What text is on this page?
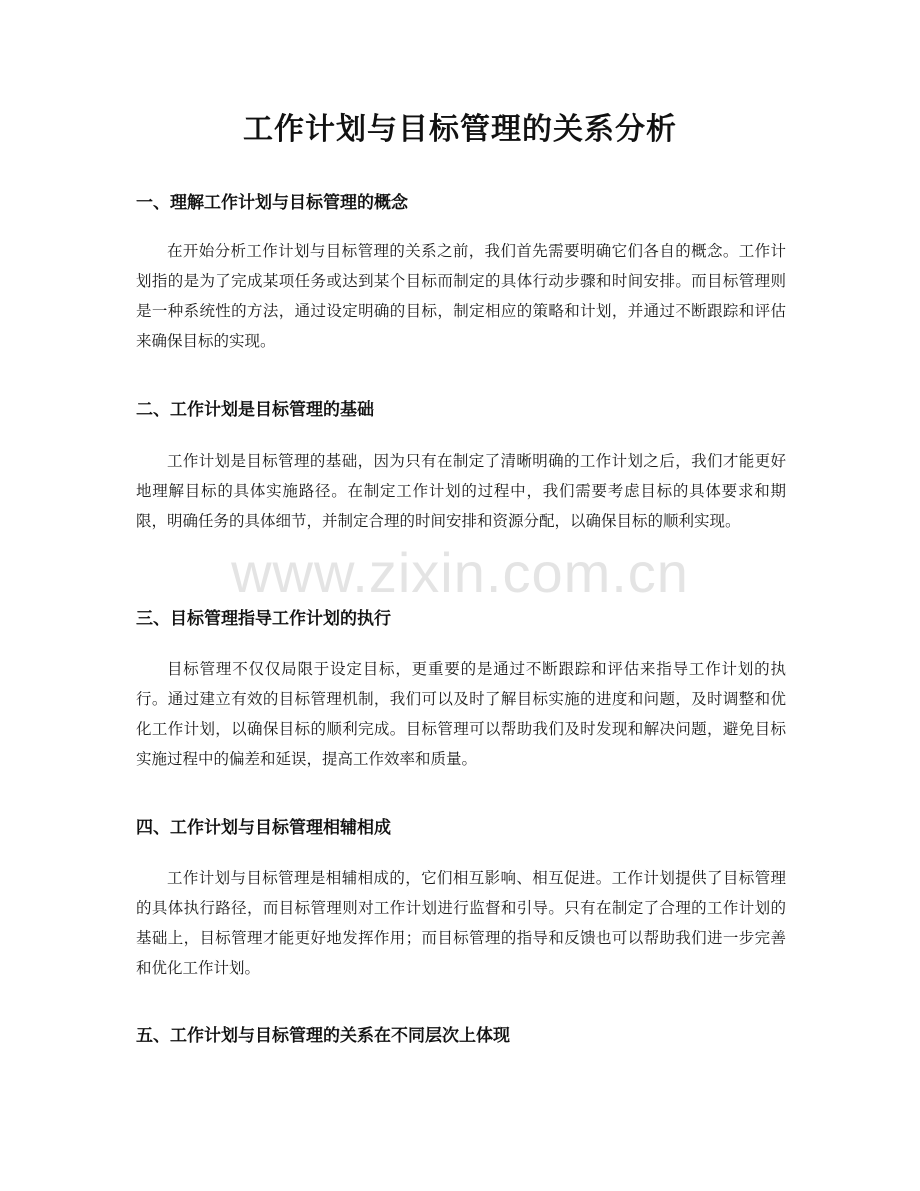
工作计划与目标管理的关系分析
一、理解工作计划与目标管理的概念

在开始分析工作计划与目标管理的关系之前，我们首先需要明确它们各自的概念。工作计划指的是为了完成某项任务或达到某个目标而制定的具体行动步骤和时间安排。而目标管理则是一种系统性的方法，通过设定明确的目标，制定相应的策略和计划，并通过不断跟踪和评估来确保目标的实现。

二、工作计划是目标管理的基础

工作计划是目标管理的基础，因为只有在制定了清晰明确的工作计划之后，我们才能更好地理解目标的具体实施路径。在制定工作计划的过程中，我们需要考虑目标的具体要求和期限，明确任务的具体细节，并制定合理的时间安排和资源分配，以确保目标的顺利实现。

三、目标管理指导工作计划的执行

目标管理不仅仅局限于设定目标，更重要的是通过不断跟踪和评估来指导工作计划的执行。通过建立有效的目标管理机制，我们可以及时了解目标实施的进度和问题，及时调整和优化工作计划，以确保目标的顺利完成。目标管理可以帮助我们及时发现和解决问题，避免目标实施过程中的偏差和延误，提高工作效率和质量。

四、工作计划与目标管理相辅相成

工作计划与目标管理是相辅相成的，它们相互影响、相互促进。工作计划提供了目标管理的具体执行路径，而目标管理则对工作计划进行监督和引导。只有在制定了合理的工作计划的基础上，目标管理才能更好地发挥作用；而目标管理的指导和反馈也可以帮助我们进一步完善和优化工作计划。

五、工作计划与目标管理的关系在不同层次上体现
www.zixin.com.cn
